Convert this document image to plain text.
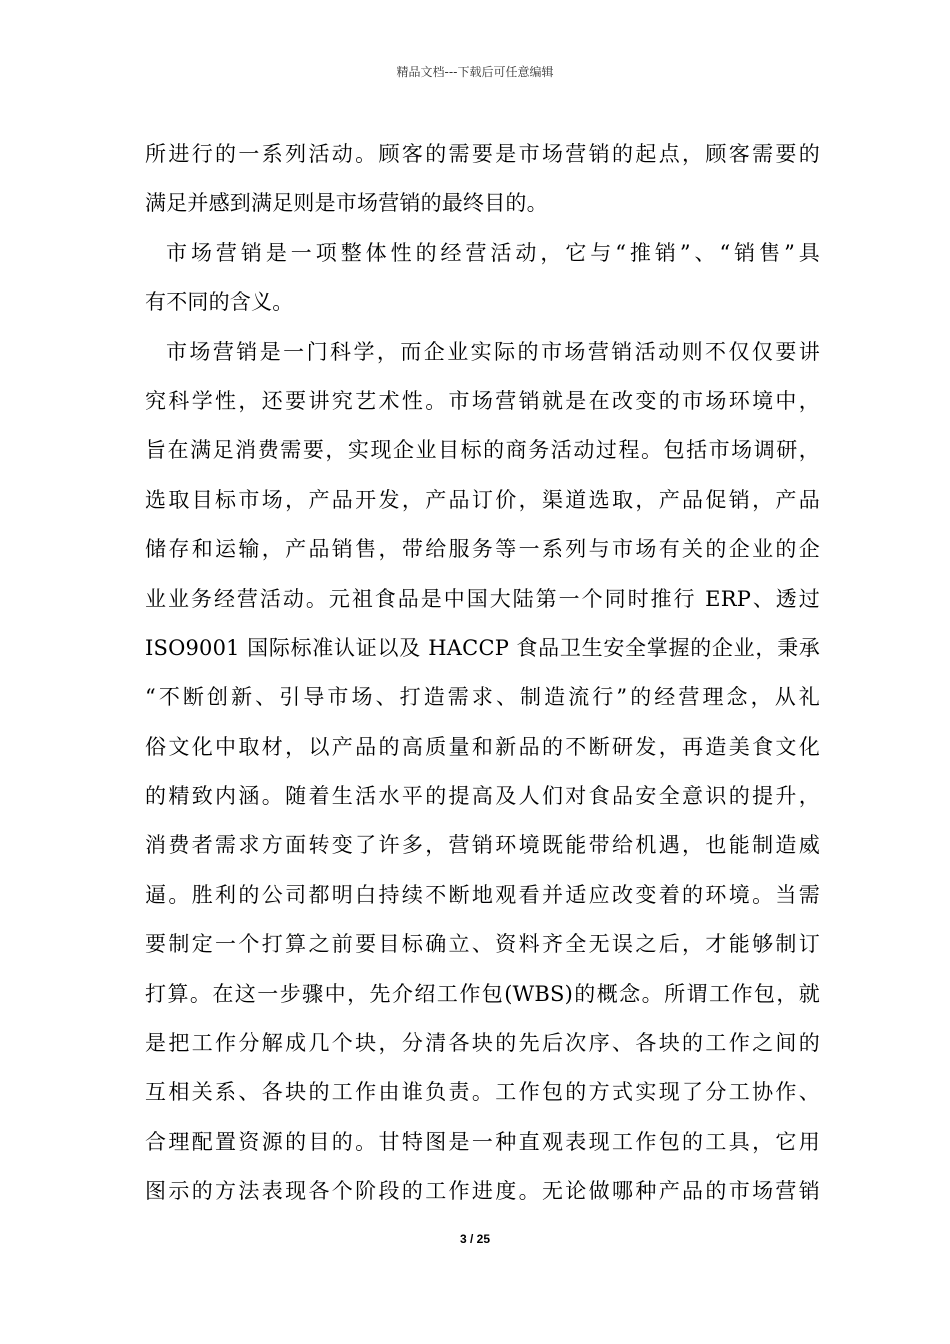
精品文档---下载后可任意编辑
所进行的一系列活动。顾客的需要是市场营销的起点，顾客需要的
满足并感到满足则是市场营销的最终目的。
市场营销是一项整体性的经营活动，它与“推销”、“销售”具
有不同的含义。
市场营销是一门科学，而企业实际的市场营销活动则不仅仅要讲
究科学性，还要讲究艺术性。市场营销就是在改变的市场环境中，
旨在满足消费需要，实现企业目标的商务活动过程。包括市场调研，
选取目标市场，产品开发，产品订价，渠道选取，产品促销，产品
储存和运输，产品销售，带给服务等一系列与市场有关的企业的企
业业务经营活动。元祖食品是中国大陆第一个同时推行 ERP、透过
ISO9001 国际标准认证以及 HACCP 食品卫生安全掌握的企业，秉承
“不断创新、引导市场、打造需求、制造流行”的经营理念，从礼
俗文化中取材，以产品的高质量和新品的不断研发，再造美食文化
的精致内涵。随着生活水平的提高及人们对食品安全意识的提升，
消费者需求方面转变了许多，营销环境既能带给机遇，也能制造威
逼。胜利的公司都明白持续不断地观看并适应改变着的环境。当需
要制定一个打算之前要目标确立、资料齐全无误之后，才能够制订
打算。在这一步骤中，先介绍工作包(WBS)的概念。所谓工作包，就
是把工作分解成几个块，分清各块的先后次序、各块的工作之间的
互相关系、各块的工作由谁负责。工作包的方式实现了分工协作、
合理配置资源的目的。甘特图是一种直观表现工作包的工具，它用
图示的方法表现各个阶段的工作进度。无论做哪种产品的市场营销
3 / 25
